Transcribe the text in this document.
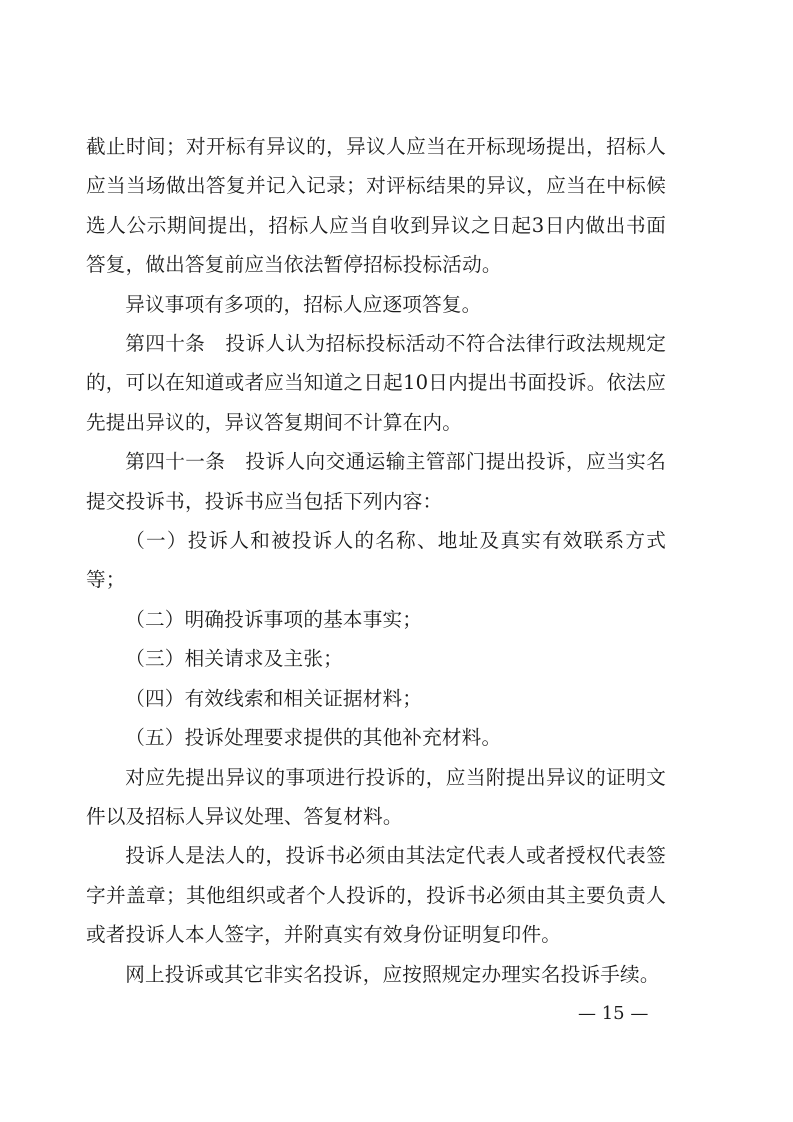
截止时间；对开标有异议的，异议人应当在开标现场提出，招标人应当当场做出答复并记入记录；对评标结果的异议，应当在中标候选人公示期间提出，招标人应当自收到异议之日起3日内做出书面答复，做出答复前应当依法暂停招标投标活动。

异议事项有多项的，招标人应逐项答复。

第四十条　投诉人认为招标投标活动不符合法律行政法规规定的，可以在知道或者应当知道之日起10日内提出书面投诉。依法应先提出异议的，异议答复期间不计算在内。

第四十一条　投诉人向交通运输主管部门提出投诉，应当实名提交投诉书，投诉书应当包括下列内容：

（一）投诉人和被投诉人的名称、地址及真实有效联系方式等；

（二）明确投诉事项的基本事实；

（三）相关请求及主张；

（四）有效线索和相关证据材料；

（五）投诉处理要求提供的其他补充材料。

对应先提出异议的事项进行投诉的，应当附提出异议的证明文件以及招标人异议处理、答复材料。

投诉人是法人的，投诉书必须由其法定代表人或者授权代表签字并盖章；其他组织或者个人投诉的，投诉书必须由其主要负责人或者投诉人本人签字，并附真实有效身份证明复印件。

网上投诉或其它非实名投诉，应按照规定办理实名投诉手续。

— 15 —
